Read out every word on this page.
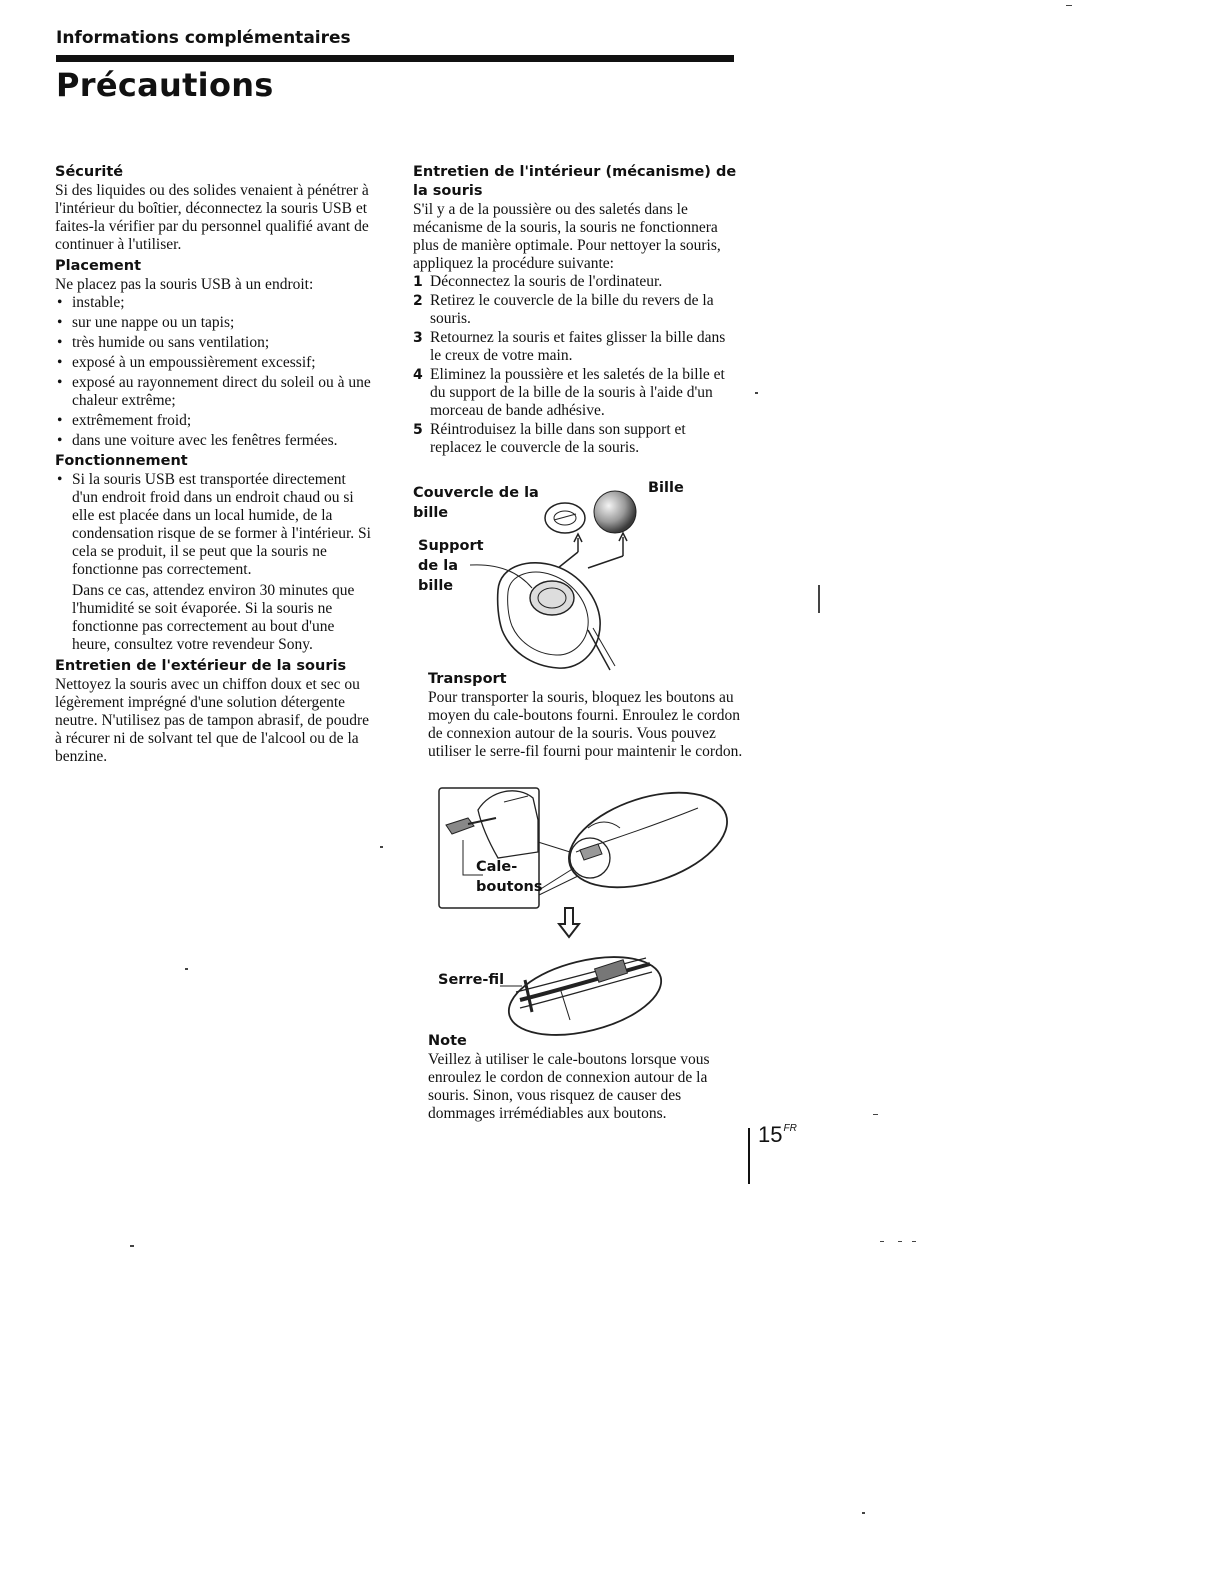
Informations complémentaires
Précautions
Sécurité

Si des liquides ou des solides venaient à pénétrer à l'intérieur du boîtier, déconnectez la souris USB et faites-la vérifier par du personnel qualifié avant de continuer à l'utiliser.

Placement

Ne placez pas la souris USB à un endroit:

• instable;
• sur une nappe ou un tapis;
• très humide ou sans ventilation;
• exposé à un empoussièrement excessif;
• exposé au rayonnement direct du soleil ou à une chaleur extrême;
• extrêmement froid;
• dans une voiture avec les fenêtres fermées.
Fonctionnement
• Si la souris USB est transportée directement d'un endroit froid dans un endroit chaud ou si elle est placée dans un local humide, de la condensation risque de se former à l'intérieur. Si cela se produit, il se peut que la souris ne fonctionne pas correctement.

Dans ce cas, attendez environ 30 minutes que l'humidité se soit évaporée. Si la souris ne fonctionne pas correctement au bout d'une heure, consultez votre revendeur Sony.

Entretien de l'extérieur de la souris

Nettoyez la souris avec un chiffon doux et sec ou légèrement imprégné d'une solution détergente neutre. N'utilisez pas de tampon abrasif, de poudre à récurer ni de solvant tel que de l'alcool ou de la benzine.

Entretien de l'intérieur (mécanisme) de la souris

S'il y a de la poussière ou des saletés dans le mécanisme de la souris, la souris ne fonctionnera plus de manière optimale. Pour nettoyer la souris, appliquez la procédure suivante:

1 Déconnectez la souris de l'ordinateur.
2 Retirez le couvercle de la bille du revers de la souris.
3 Retournez la souris et faites glisser la bille dans le creux de votre main.
4 Eliminez la poussière et les saletés de la bille et du support de la bille de la souris à l'aide d'un morceau de bande adhésive.
5 Réintroduisez la bille dans son support et replacez le couvercle de la souris.
Couvercle de la
bille
Bille
Support
de la
bille
Transport

Pour transporter la souris, bloquez les boutons au moyen du cale-boutons fourni. Enroulez le cordon de connexion autour de la souris. Vous pouvez utiliser le serre-fil fourni pour maintenir le cordon.

Cale-
boutons
Serre-fil
Note

Veillez à utiliser le cale-boutons lorsque vous enroulez le cordon de connexion autour de la souris. Sinon, vous risquez de causer des dommages irrémédiables aux boutons.

$15^{FR}$
